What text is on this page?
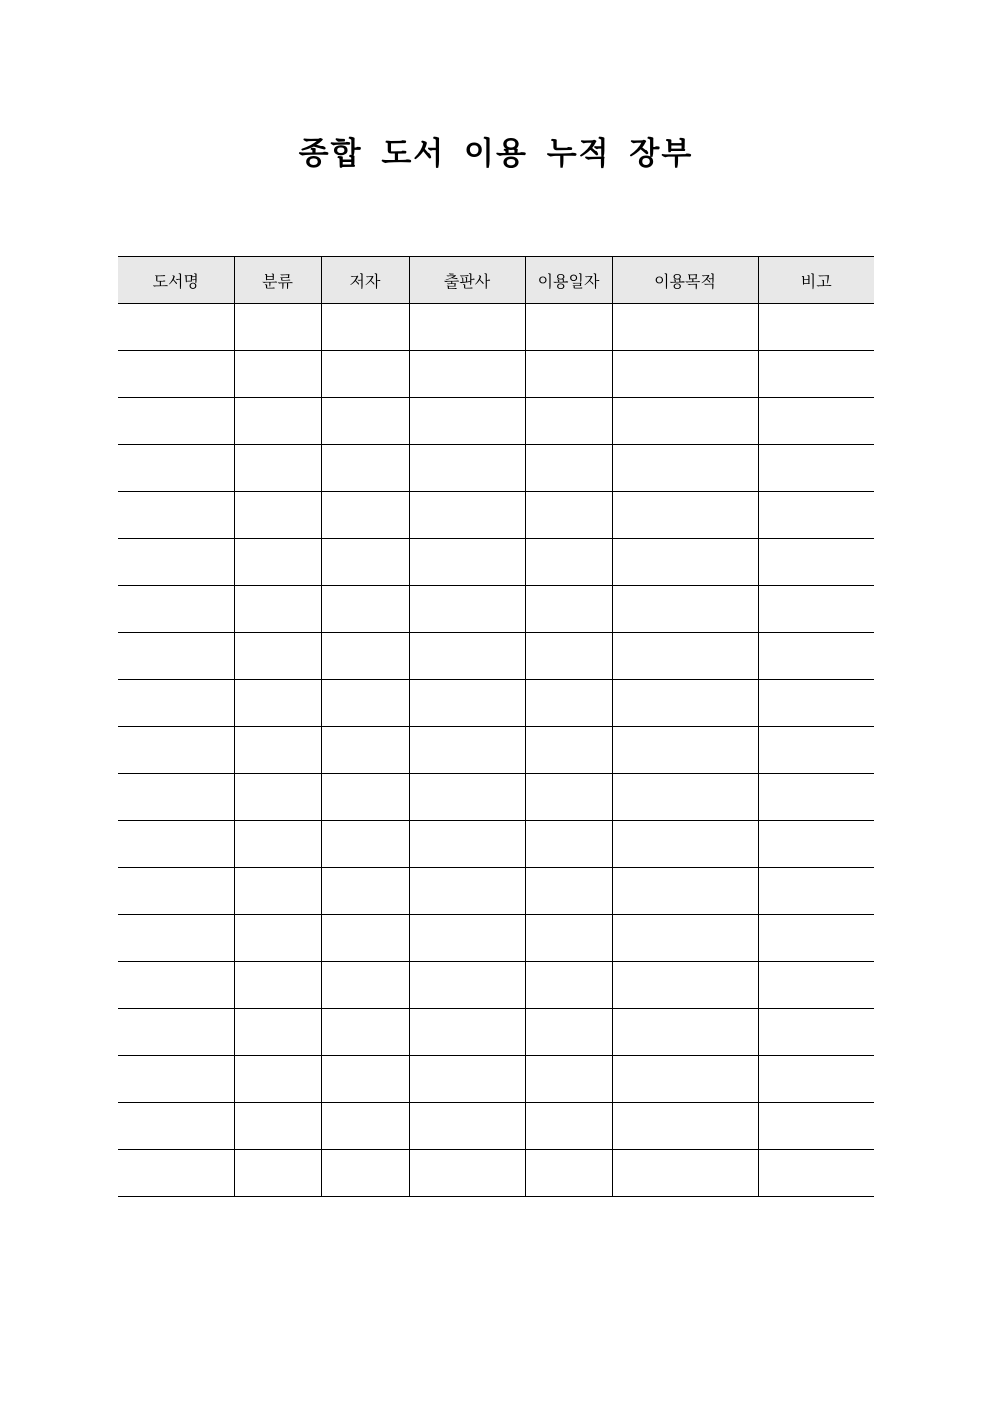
종합 도서 이용 누적 장부
도서명	분류	저자	출판사	이용일자	이용목적	비고
